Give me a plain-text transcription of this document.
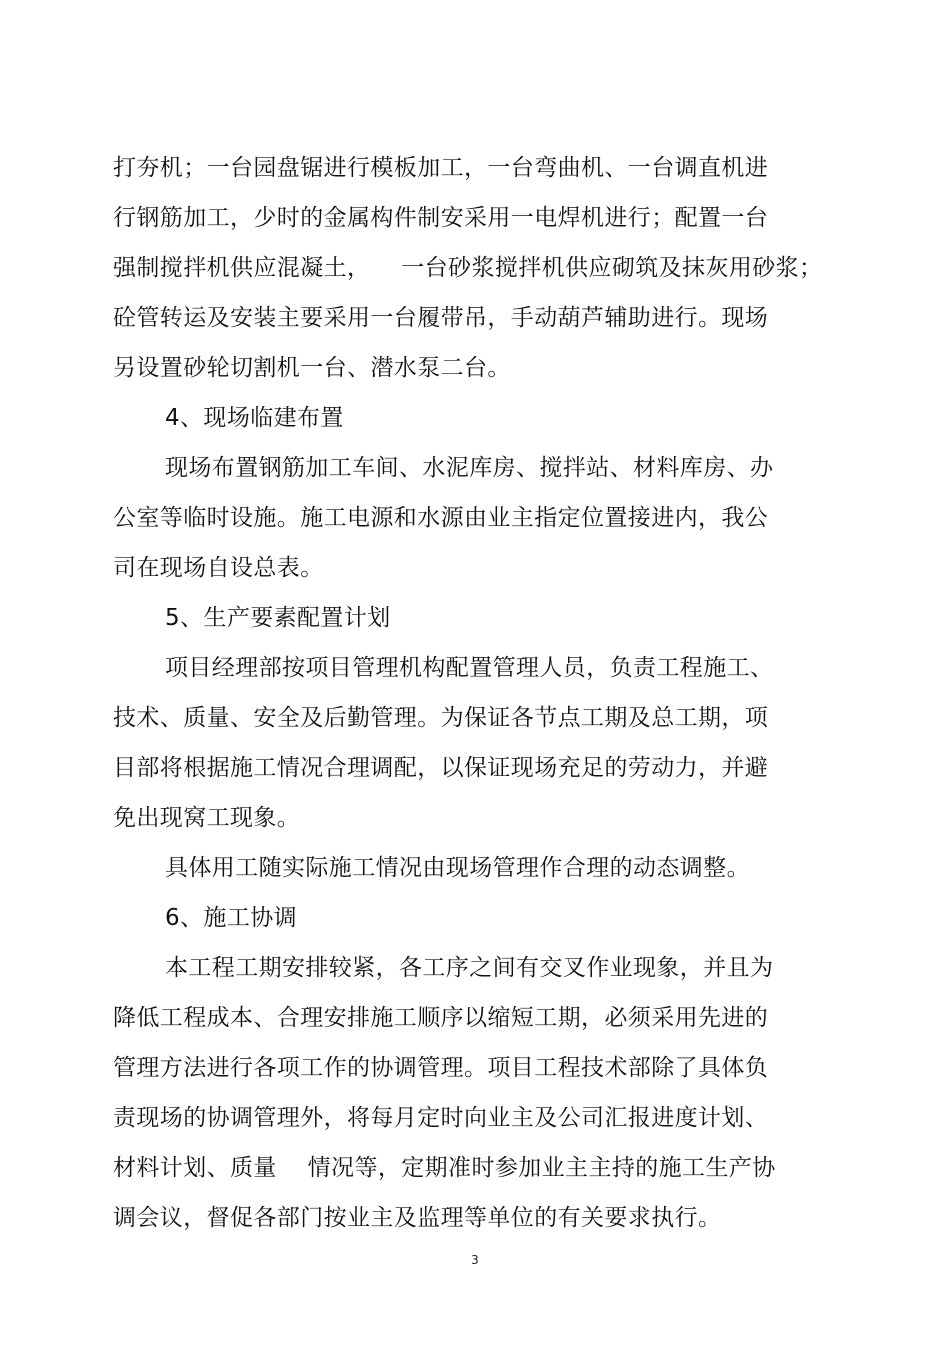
打夯机；一台园盘锯进行模板加工，一台弯曲机、一台调直机进
行钢筋加工，少时的金属构件制安采用一电焊机进行；配置一台
强制搅拌机供应混凝土，    一台砂浆搅拌机供应砌筑及抹灰用砂浆；
砼管转运及安装主要采用一台履带吊，手动葫芦辅助进行。现场
另设置砂轮切割机一台、潜水泵二台。
4、现场临建布置
现场布置钢筋加工车间、水泥库房、搅拌站、材料库房、办
公室等临时设施。施工电源和水源由业主指定位置接进内，我公
司在现场自设总表。
5、生产要素配置计划
项目经理部按项目管理机构配置管理人员，负责工程施工、
技术、质量、安全及后勤管理。为保证各节点工期及总工期，项
目部将根据施工情况合理调配，以保证现场充足的劳动力，并避
免出现窝工现象。
具体用工随实际施工情况由现场管理作合理的动态调整。
6、施工协调
本工程工期安排较紧，各工序之间有交叉作业现象，并且为
降低工程成本、合理安排施工顺序以缩短工期，必须采用先进的
管理方法进行各项工作的协调管理。项目工程技术部除了具体负
责现场的协调管理外，将每月定时向业主及公司汇报进度计划、
材料计划、质量    情况等，定期准时参加业主主持的施工生产协
调会议，督促各部门按业主及监理等单位的有关要求执行。
3
